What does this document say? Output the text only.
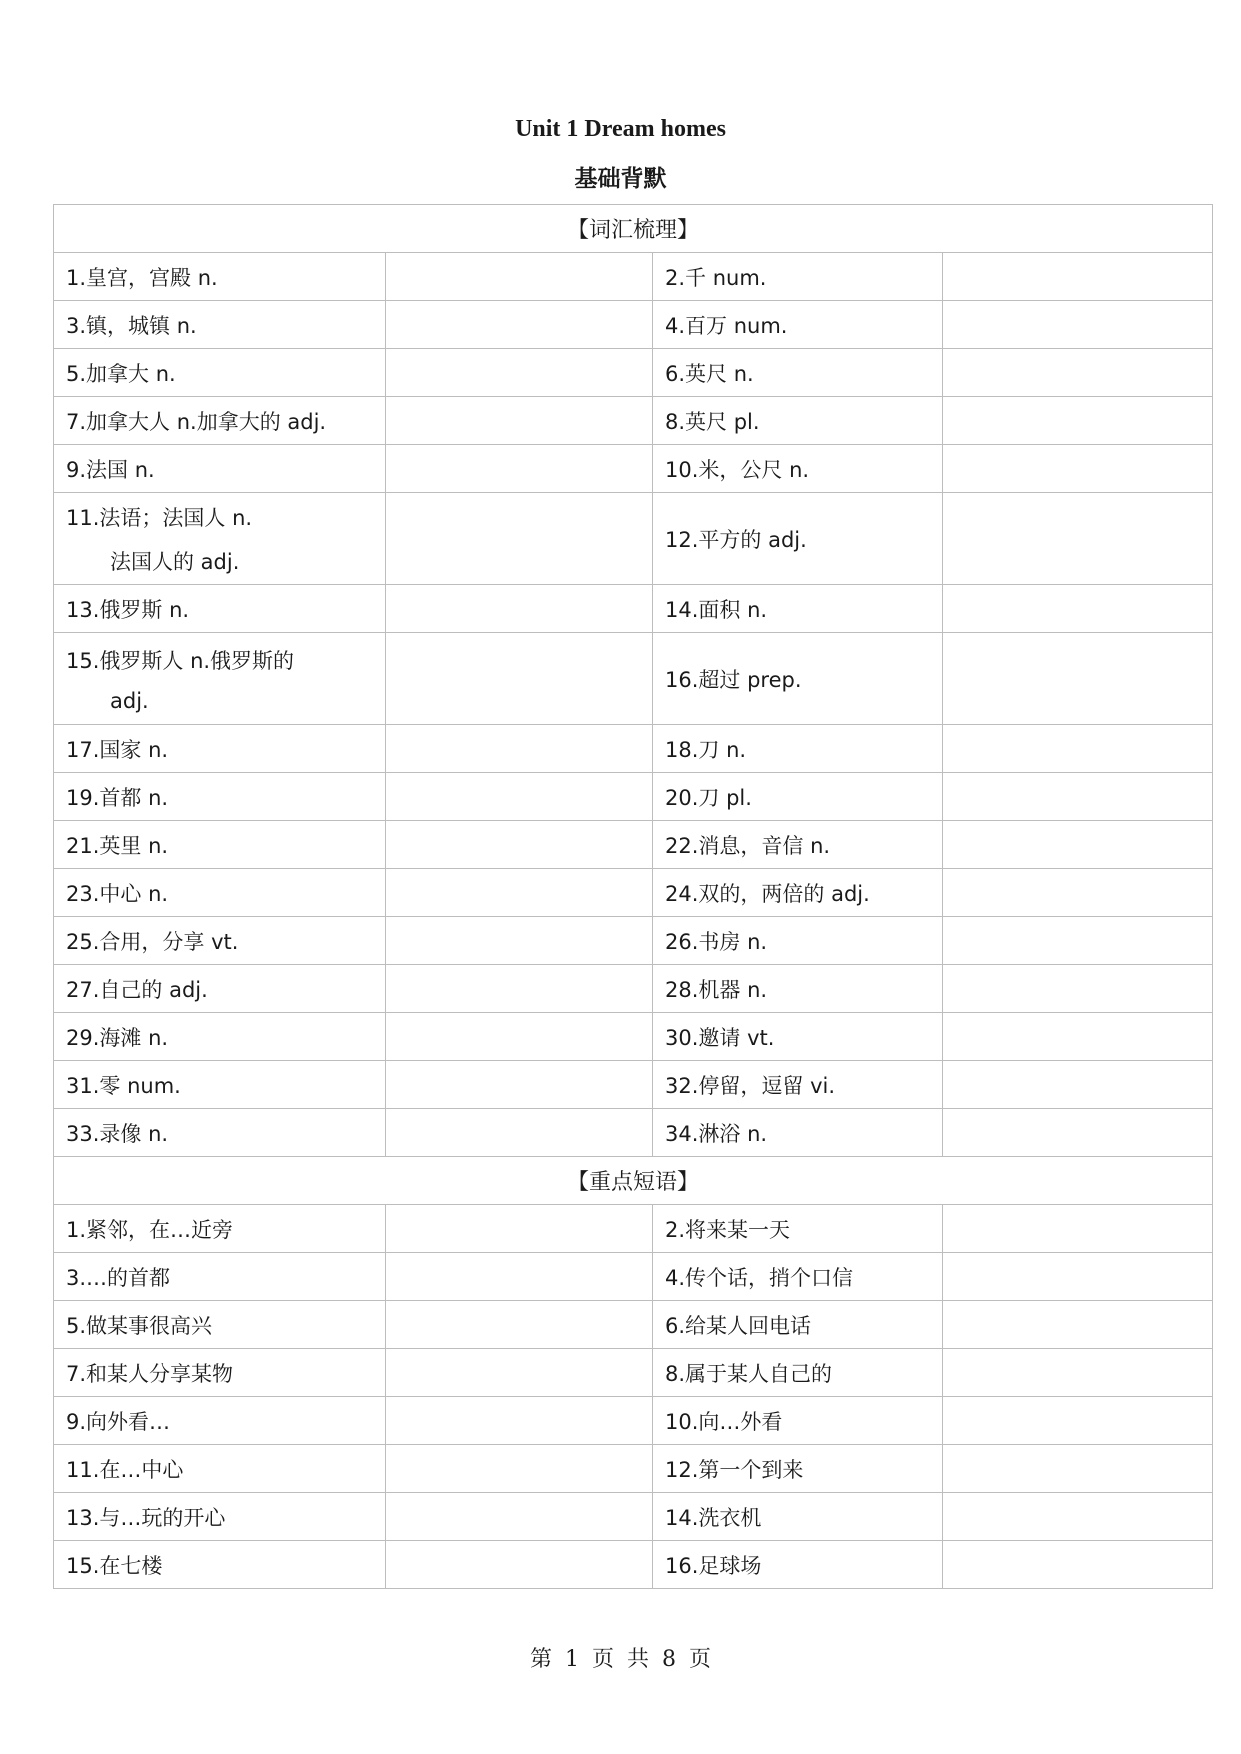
Unit 1 Dream homes
基础背默
【词汇梳理】			
1.皇宫，宫殿 n.		2.千 num.	
3.镇，城镇 n.		4.百万 num.	
5.加拿大 n.		6.英尺 n.	
7.加拿大人 n.加拿大的 adj.		8.英尺 pl.	
9.法国 n.		10.米，公尺 n.	
11.法语；法国人 n.
法国人的 adj.		12.平方的 adj.	
13.俄罗斯 n.		14.面积 n.	
15.俄罗斯人 n.俄罗斯的
adj.		16.超过 prep.	
17.国家 n.		18.刀 n.	
19.首都 n.		20.刀 pl.	
21.英里 n.		22.消息，音信 n.	
23.中心 n.		24.双的，两倍的 adj.	
25.合用，分享 vt.		26.书房 n.	
27.自己的 adj.		28.机器 n.	
29.海滩 n.		30.邀请 vt.	
31.零 num.		32.停留，逗留 vi.	
33.录像 n.		34.淋浴 n.	
【重点短语】			
1.紧邻，在…近旁		2.将来某一天	
3.…的首都		4.传个话，捎个口信	
5.做某事很高兴		6.给某人回电话	
7.和某人分享某物		8.属于某人自己的	
9.向外看…		10.向…外看	
11.在…中心		12.第一个到来	
13.与…玩的开心		14.洗衣机	
15.在七楼		16.足球场	
第 1 页 共 8 页
